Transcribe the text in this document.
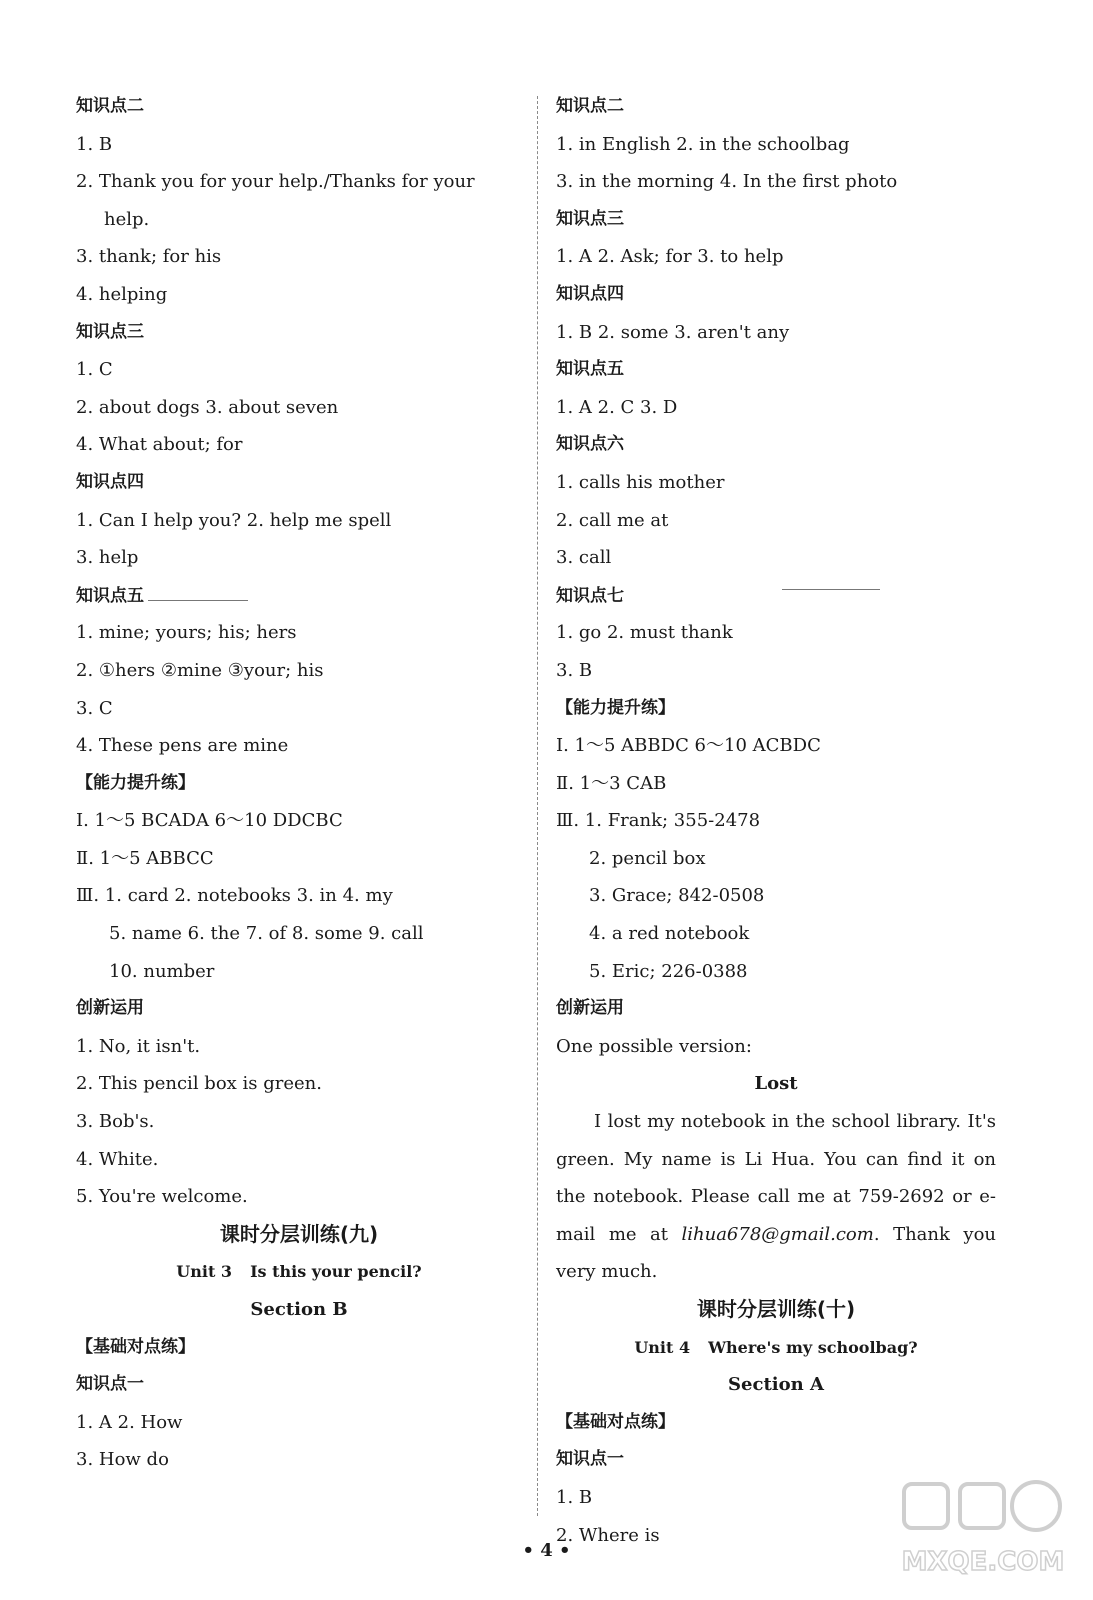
知识点二
1. B
2. Thank you for your help./Thanks for your
help.
3. thank; for his
4. helping
知识点三
1. C
2. about dogs 3. about seven
4. What about; for
知识点四
1. Can I help you? 2. help me spell
3. help
知识点五
1. mine; yours; his; hers
2. ①hers ②mine ③your; his
3. C
4. These pens are mine
【能力提升练】
Ⅰ. 1～5 BCADA 6～10 DDCBC
Ⅱ. 1～5 ABBCC
Ⅲ. 1. card 2. notebooks 3. in 4. my
5. name 6. the 7. of 8. some 9. call
10. number
创新运用
1. No, it isn't.
2. This pencil box is green.
3. Bob's.
4. White.
5. You're welcome.
课时分层训练(九)
Unit 3 Is this your pencil?
Section B
【基础对点练】
知识点一
1. A 2. How
3. How do
知识点二
1. in English 2. in the schoolbag
3. in the morning 4. In the first photo
知识点三
1. A 2. Ask; for 3. to help
知识点四
1. B 2. some 3. aren't any
知识点五
1. A 2. C 3. D
知识点六
1. calls his mother
2. call me at
3. call
知识点七
1. go 2. must thank
3. B
【能力提升练】
Ⅰ. 1～5 ABBDC 6～10 ACBDC
Ⅱ. 1～3 CAB
Ⅲ. 1. Frank; 355-2478
2. pencil box
3. Grace; 842-0508
4. a red notebook
5. Eric; 226-0388
创新运用
One possible version:
Lost
I lost my notebook in the school library. It's green. My name is Li Hua. You can find it on the notebook. Please call me at 759-2692 or e-mail me at lihua678@gmail.com. Thank you very much.
课时分层训练(十)
Unit 4 Where's my schoolbag?
Section A
【基础对点练】
知识点一
1. B
2. Where is
• 4 •	MXQE.COM
